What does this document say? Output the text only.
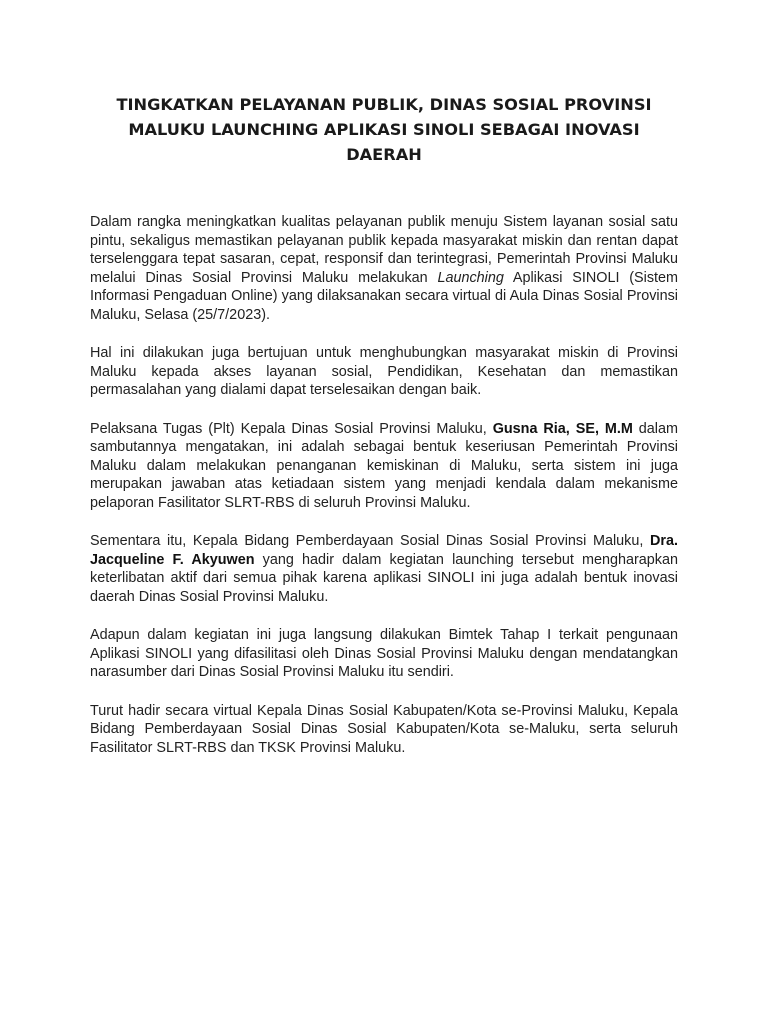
TINGKATKAN PELAYANAN PUBLIK, DINAS SOSIAL PROVINSI
MALUKU LAUNCHING APLIKASI SINOLI SEBAGAI INOVASI DAERAH

Dalam rangka meningkatkan kualitas pelayanan publik menuju Sistem layanan sosial satu pintu, sekaligus memastikan pelayanan publik kepada masyarakat miskin dan rentan dapat terselenggara tepat sasaran, cepat, responsif dan terintegrasi, Pemerintah Provinsi Maluku melalui Dinas Sosial Provinsi Maluku melakukan Launching Aplikasi SINOLI (Sistem Informasi Pengaduan Online) yang dilaksanakan secara virtual di Aula Dinas Sosial Provinsi Maluku, Selasa (25/7/2023).

Hal ini dilakukan juga bertujuan untuk menghubungkan masyarakat miskin di Provinsi Maluku kepada akses layanan sosial, Pendidikan, Kesehatan dan memastikan permasalahan yang dialami dapat terselesaikan dengan baik.

Pelaksana Tugas (Plt) Kepala Dinas Sosial Provinsi Maluku, Gusna Ria, SE, M.M dalam sambutannya mengatakan, ini adalah sebagai bentuk keseriusan Pemerintah Provinsi Maluku dalam melakukan penanganan kemiskinan di Maluku, serta sistem ini juga merupakan jawaban atas ketiadaan sistem yang menjadi kendala dalam mekanisme pelaporan Fasilitator SLRT-RBS di seluruh Provinsi Maluku.

Sementara itu, Kepala Bidang Pemberdayaan Sosial Dinas Sosial Provinsi Maluku, Dra. Jacqueline F. Akyuwen yang hadir dalam kegiatan launching tersebut mengharapkan keterlibatan aktif dari semua pihak karena aplikasi SINOLI ini juga adalah bentuk inovasi daerah Dinas Sosial Provinsi Maluku.

Adapun dalam kegiatan ini juga langsung dilakukan Bimtek Tahap I terkait pengunaan Aplikasi SINOLI yang difasilitasi oleh Dinas Sosial Provinsi Maluku dengan mendatangkan narasumber dari Dinas Sosial Provinsi Maluku itu sendiri.

Turut hadir secara virtual Kepala Dinas Sosial Kabupaten/Kota se-Provinsi Maluku, Kepala Bidang Pemberdayaan Sosial Dinas Sosial Kabupaten/Kota se-Maluku, serta seluruh Fasilitator SLRT-RBS dan TKSK Provinsi Maluku.
